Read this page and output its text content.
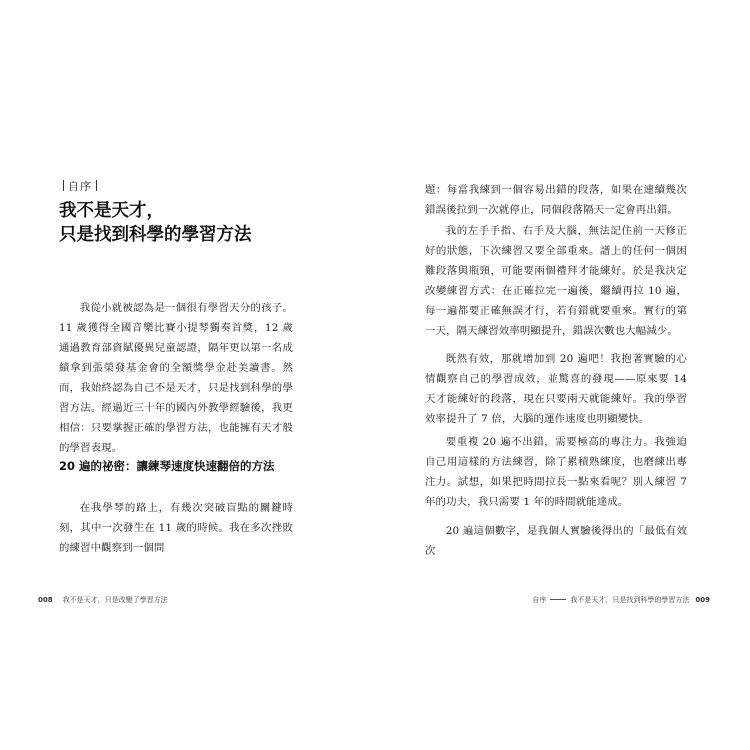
自序
我不是天才，
只是找到科學的學習方法

我從小就被認為是一個很有學習天分的孩子。11 歲獲得全國音樂比賽小提琴獨奏首獎，12 歲通過教育部資賦優異兒童認證，隔年更以第一名成績拿到張榮發基金會的全額獎學金赴美讀書。然而，我始終認為自己不是天才，只是找到科學的學習方法。經過近三十年的國內外教學經驗後，我更相信：只要掌握正確的學習方法，也能擁有天才般的學習表現。

20 遍的祕密：讓練琴速度快速翻倍的方法

在我學琴的路上，有幾次突破盲點的關鍵時刻，其中一次發生在 11 歲的時候。我在多次挫敗的練習中觀察到一個問

008 我不是天才，只是改變了學習方法

題：每當我練到一個容易出錯的段落，如果在連續幾次錯誤後拉到一次就停止，同個段落隔天一定會再出錯。

我的左手手指、右手及大腦，無法記住前一天修正好的狀態，下次練習又要全部重來。譜上的任何一個困難段落與瓶頸，可能要兩個禮拜才能練好。於是我決定改變練習方式：在正確拉完一遍後，繼續再拉 10 遍，每一遍都要正確無誤才行，若有錯就要重來。實行的第一天，隔天練習效率明顯提升，錯誤次數也大幅減少。

既然有效，那就增加到 20 遍吧！我抱著實驗的心情觀察自己的學習成效，並驚喜的發現——原來要 14 天才能練好的段落，現在只要兩天就能練好。我的學習效率提升了 7 倍，大腦的運作速度也明顯變快。

要重複 20 遍不出錯，需要極高的專注力。我強迫自己用這樣的方法練習，除了累積熟練度，也磨練出專注力。試想，如果把時間拉長一點來看呢？別人練習 7 年的功夫，我只需要 1 年的時間就能達成。

20 遍這個數字，是我個人實驗後得出的「最低有效次

自序	我不是天才，只是找到科學的學習方法 009
